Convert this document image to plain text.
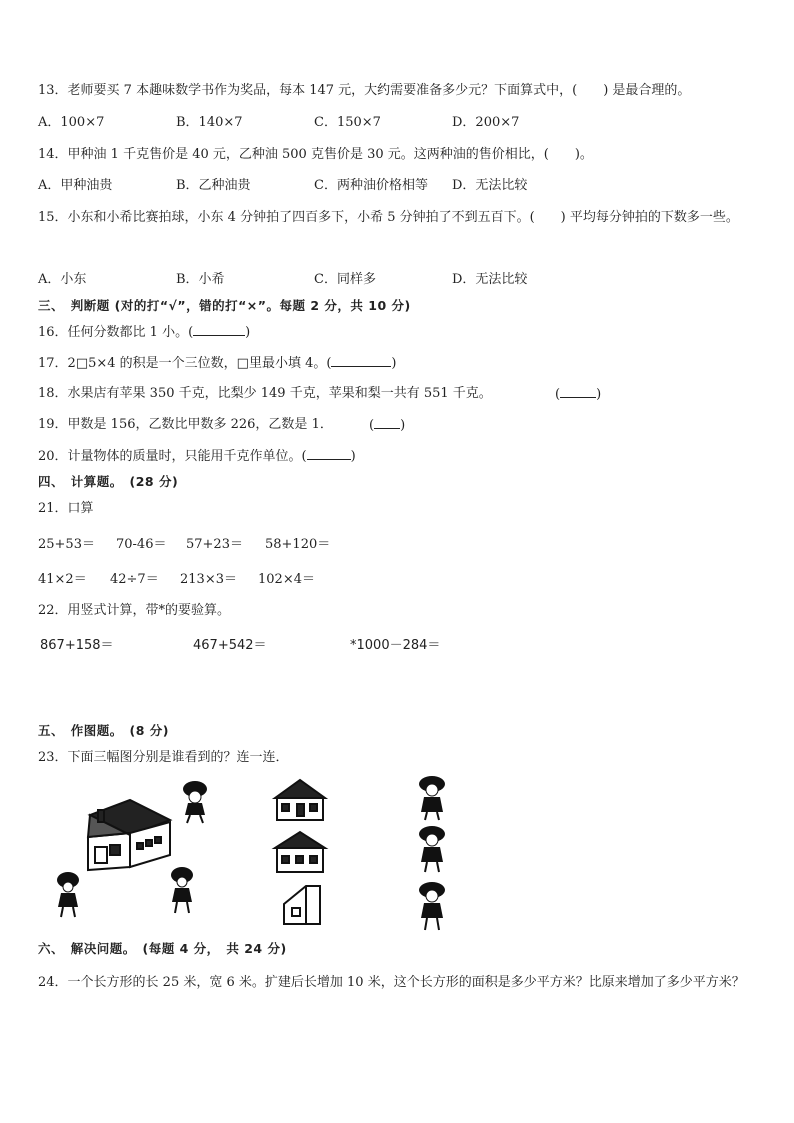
13．老师要买 7 本趣味数学书作为奖品，每本 147 元，大约需要准备多少元？下面算式中，(　　) 是最合理的。
A．100×7	B．140×7	C．150×7	D．200×7
14．甲种油 1 千克售价是 40 元，乙种油 500 克售价是 30 元。这两种油的售价相比，(　　)。
A．甲种油贵	B．乙种油贵	C．两种油价格相等 D．无法比较
15．小东和小希比赛拍球，小东 4 分钟拍了四百多下，小希 5 分钟拍了不到五百下。(　　) 平均每分钟拍的下数多一些。
A．小东	B．小希	C．同样多	D．无法比较
三、　判断题 (对的打“√”，错的打“×”。每题 2 分，共 10 分)
16．任何分数都比 1 小。(	)
17．2□5×4 的积是一个三位数，□里最小填 4。(	)
18．水果店有苹果 350 千克，比梨少 149 千克，苹果和梨一共有 551 千克。	(	)
19．甲数是 156，乙数比甲数多 226，乙数是 1．	( )
20．计量物体的质量时，只能用千克作单位。(	)
四、　计算题。　(28 分)
21．口算
25+53＝ 70-46＝ 57+23＝ 58+120＝
41×2＝ 42÷7＝ 213×3＝ 102×4＝
22．用竖式计算，带*的要验算。
867+158＝	467+542＝	*1000－284＝
五、　作图题。　(8 分)
23．下面三幅图分别是谁看到的？连一连．
六、　解决问题。　(每题 4 分，　共 24 分)
24．一个长方形的长 25 米，宽 6 米。扩建后长增加 10 米，这个长方形的面积是多少平方米？比原来增加了多少平方米？
